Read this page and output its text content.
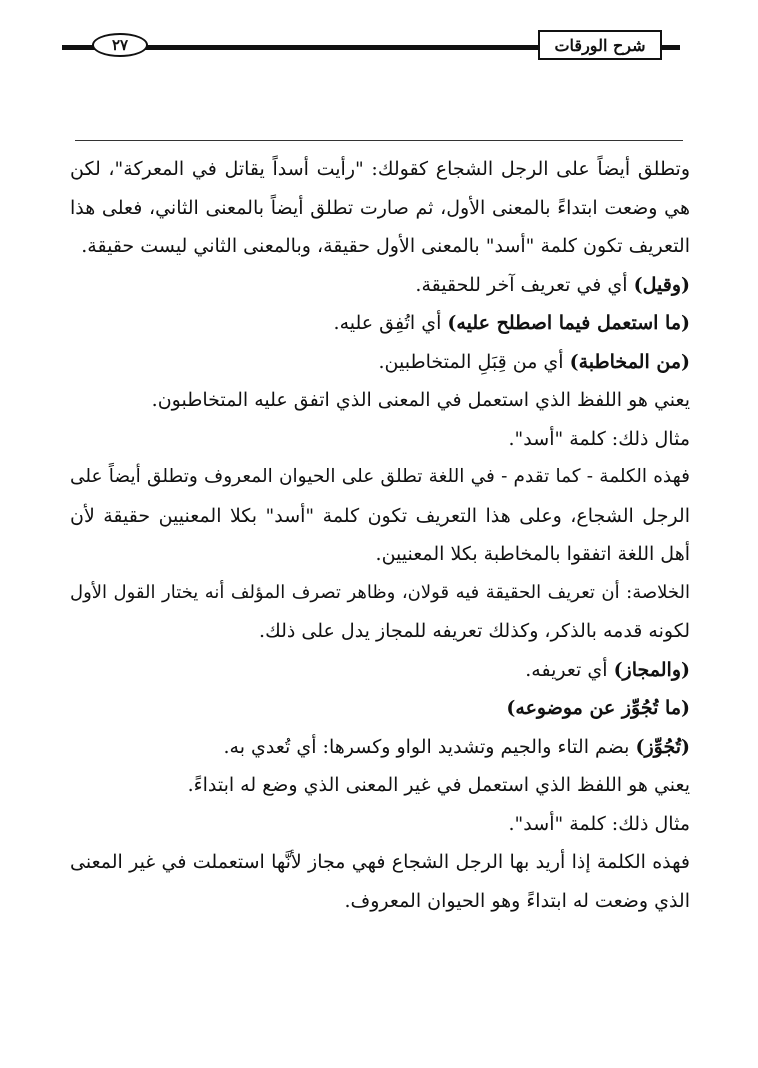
شرح الورقات
٢٧
وتطلق أيضاً على الرجل الشجاع كقولك: "رأيت أسداً يقاتل في المعركة"، لكن
هي وضعت ابتداءً بالمعنى الأول، ثم صارت تطلق أيضاً بالمعنى الثاني، فعلى هذا
التعريف تكون كلمة "أسد" بالمعنى الأول حقيقة، وبالمعنى الثاني ليست حقيقة.
(وقيل) أي في تعريف آخر للحقيقة.
(ما استعمل فيما اصطلح عليه) أي اتُفِق عليه.
(من المخاطبة) أي من قِبَلِ المتخاطبين.
يعني هو اللفظ الذي استعمل في المعنى الذي اتفق عليه المتخاطبون.
مثال ذلك: كلمة "أسد".
فهذه الكلمة - كما تقدم - في اللغة تطلق على الحيوان المعروف وتطلق أيضاً على
الرجل الشجاع، وعلى هذا التعريف تكون كلمة "أسد" بكلا المعنيين حقيقة لأن
أهل اللغة اتفقوا بالمخاطبة بكلا المعنيين.
الخلاصة: أن تعريف الحقيقة فيه قولان، وظاهر تصرف المؤلف أنه يختار القول الأول
لكونه قدمه بالذكر، وكذلك تعريفه للمجاز يدل على ذلك.
(والمجاز) أي تعريفه.
(ما تُجُوِّز عن موضوعه)
(تُجُوِّز) بضم التاء والجيم وتشديد الواو وكسرها: أي تُعدي به.
يعني هو اللفظ الذي استعمل في غير المعنى الذي وضع له ابتداءً.
مثال ذلك: كلمة "أسد".
فهذه الكلمة إذا أريد بها الرجل الشجاع فهي مجاز لأنَّها استعملت في غير المعنى
الذي وضعت له ابتداءً وهو الحيوان المعروف.
